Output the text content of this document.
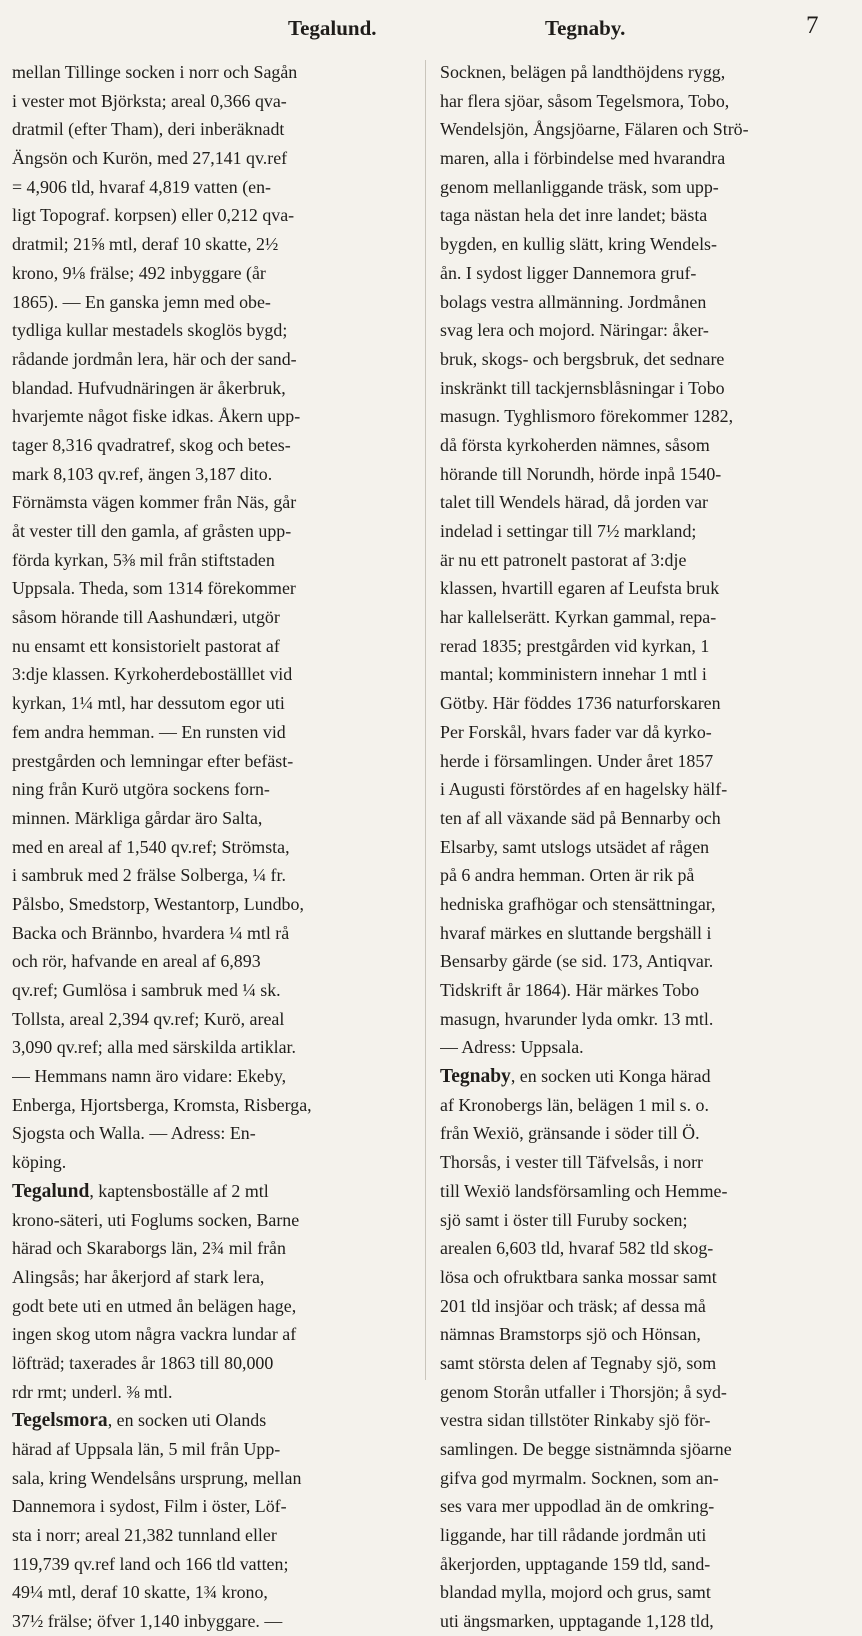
Tegalund.	Tegnaby.	7
mellan Tillinge socken i norr och Sagån
i vester mot Björksta; areal 0,366 qva-
dratmil (efter Tham), deri inberäknadt
Ängsön och Kurön, med 27,141 qv.ref
= 4,906 tld, hvaraf 4,819 vatten (en-
ligt Topograf. korpsen) eller 0,212 qva-
dratmil; 21⅝ mtl, deraf 10 skatte, 2½
krono, 9⅛ frälse; 492 inbyggare (år
1865). — En ganska jemn med obe-
tydliga kullar mestadels skoglös bygd;
rådande jordmån lera, här och der sand-
blandad. Hufvudnäringen är åkerbruk,
hvarjemte något fiske idkas. Åkern upp-
tager 8,316 qvadratref, skog och betes-
mark 8,103 qv.ref, ängen 3,187 dito.
Förnämsta vägen kommer från Näs, går
åt vester till den gamla, af gråsten upp-
förda kyrkan, 5⅜ mil från stiftstaden
Uppsala. Theda, som 1314 förekommer
såsom hörande till Aashundæri, utgör
nu ensamt ett konsistorielt pastorat af
3:dje klassen. Kyrkoherdeboställlet vid
kyrkan, 1¼ mtl, har dessutom egor uti
fem andra hemman. — En runsten vid
prestgården och lemningar efter befäst-
ning från Kurö utgöra sockens forn-
minnen. Märkliga gårdar äro Salta,
med en areal af 1,540 qv.ref; Strömsta,
i sambruk med 2 frälse Solberga, ¼ fr.
Pålsbo, Smedstorp, Westantorp, Lundbo,
Backa och Brännbo, hvardera ¼ mtl rå
och rör, hafvande en areal af 6,893
qv.ref; Gumlösa i sambruk med ¼ sk.
Tollsta, areal 2,394 qv.ref; Kurö, areal
3,090 qv.ref; alla med särskilda artiklar.
— Hemmans namn äro vidare: Ekeby,
Enberga, Hjortsberga, Kromsta, Risberga,
Sjogsta och Walla. — Adress: En-
köping.
Tegalund, kaptensboställe af 2 mtl
krono-säteri, uti Foglums socken, Barne
härad och Skaraborgs län, 2¾ mil från
Alingsås; har åkerjord af stark lera,
godt bete uti en utmed ån belägen hage,
ingen skog utom några vackra lundar af
löfträd; taxerades år 1863 till 80,000
rdr rmt; underl. ⅜ mtl.
Tegelsmora, en socken uti Olands
härad af Uppsala län, 5 mil från Upp-
sala, kring Wendelsåns ursprung, mellan
Dannemora i sydost, Film i öster, Löf-
sta i norr; areal 21,382 tunnland eller
119,739 qv.ref land och 166 tld vatten;
49¼ mtl, deraf 10 skatte, 1¾ krono,
37½ frälse; öfver 1,140 inbyggare. —
Socknen, belägen på landthöjdens rygg,
har flera sjöar, såsom Tegelsmora, Tobo,
Wendelsjön, Ångsjöarne, Fälaren och Strö-
maren, alla i förbindelse med hvarandra
genom mellanliggande träsk, som upp-
taga nästan hela det inre landet; bästa
bygden, en kullig slätt, kring Wendels-
ån. I sydost ligger Dannemora gruf-
bolags vestra allmänning. Jordmånen
svag lera och mojord. Näringar: åker-
bruk, skogs- och bergsbruk, det sednare
inskränkt till tackjernsblåsningar i Tobo
masugn. Tyghlismoro förekommer 1282,
då första kyrkoherden nämnes, såsom
hörande till Norundh, hörde inpå 1540-
talet till Wendels härad, då jorden var
indelad i settingar till 7½ markland;
är nu ett patronelt pastorat af 3:dje
klassen, hvartill egaren af Leufsta bruk
har kallelserätt. Kyrkan gammal, repa-
rerad 1835; prestgården vid kyrkan, 1
mantal; komministern innehar 1 mtl i
Götby. Här föddes 1736 naturforskaren
Per Forskål, hvars fader var då kyrko-
herde i församlingen. Under året 1857
i Augusti förstördes af en hagelsky hälf-
ten af all växande säd på Bennarby och
Elsarby, samt utslogs utsädet af rågen
på 6 andra hemman. Orten är rik på
hedniska grafhögar och stensättningar,
hvaraf märkes en sluttande bergshäll i
Bensarby gärde (se sid. 173, Antiqvar.
Tidskrift år 1864). Här märkes Tobo
masugn, hvarunder lyda omkr. 13 mtl.
— Adress: Uppsala.
Tegnaby, en socken uti Konga härad
af Kronobergs län, belägen 1 mil s. o.
från Wexiö, gränsande i söder till Ö.
Thorsås, i vester till Täfvelsås, i norr
till Wexiö landsförsamling och Hemme-
sjö samt i öster till Furuby socken;
arealen 6,603 tld, hvaraf 582 tld skog-
lösa och ofruktbara sanka mossar samt
201 tld insjöar och träsk; af dessa må
nämnas Bramstorps sjö och Hönsan,
samt största delen af Tegnaby sjö, som
genom Storån utfaller i Thorsjön; å syd-
vestra sidan tillstöter Rinkaby sjö för-
samlingen. De begge sistnämnda sjöarne
gifva god myrmalm. Socknen, som an-
ses vara mer uppodlad än de omkring-
liggande, har till rådande jordmån uti
åkerjorden, upptagande 159 tld, sand-
blandad mylla, mojord och grus, samt
uti ängsmarken, upptagande 1,128 tld,
